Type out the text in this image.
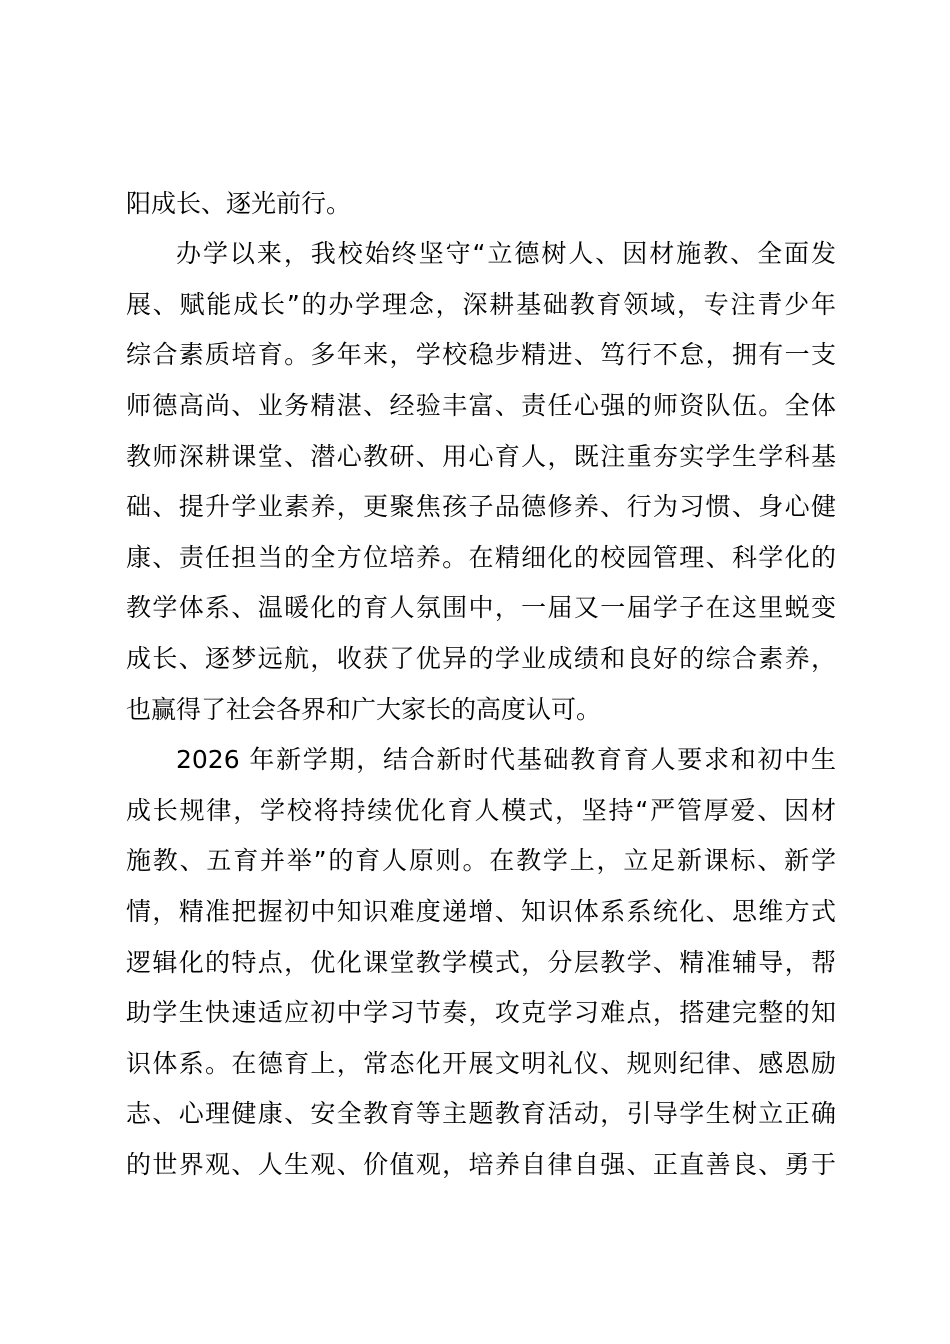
阳成长、逐光前行。
办学以来，我校始终坚守“立德树人、因材施教、全面发
展、赋能成长”的办学理念，深耕基础教育领域，专注青少年
综合素质培育。多年来，学校稳步精进、笃行不怠，拥有一支
师德高尚、业务精湛、经验丰富、责任心强的师资队伍。全体
教师深耕课堂、潜心教研、用心育人，既注重夯实学生学科基
础、提升学业素养，更聚焦孩子品德修养、行为习惯、身心健
康、责任担当的全方位培养。在精细化的校园管理、科学化的
教学体系、温暖化的育人氛围中，一届又一届学子在这里蜕变
成长、逐梦远航，收获了优异的学业成绩和良好的综合素养，
也赢得了社会各界和广大家长的高度认可。
2026 年新学期，结合新时代基础教育育人要求和初中生
成长规律，学校将持续优化育人模式，坚持“严管厚爱、因材
施教、五育并举”的育人原则。在教学上，立足新课标、新学
情，精准把握初中知识难度递增、知识体系系统化、思维方式
逻辑化的特点，优化课堂教学模式，分层教学、精准辅导，帮
助学生快速适应初中学习节奏，攻克学习难点，搭建完整的知
识体系。在德育上，常态化开展文明礼仪、规则纪律、感恩励
志、心理健康、安全教育等主题教育活动，引导学生树立正确
的世界观、人生观、价值观，培养自律自强、正直善良、勇于
